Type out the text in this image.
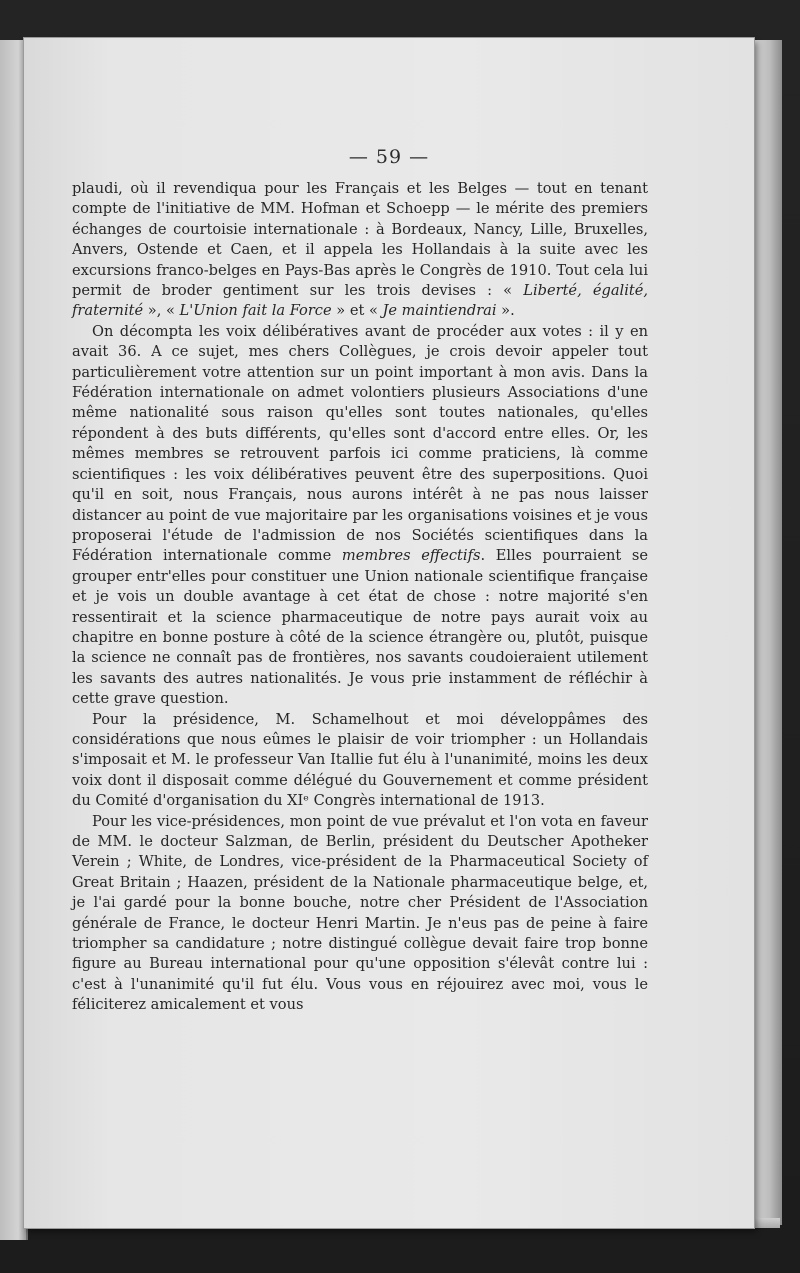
— 59 —

plaudi, où il revendiqua pour les Français et les Belges — tout en tenant compte de l'initiative de MM. Hofman et Schoepp — le mérite des premiers échanges de courtoisie internationale : à Bordeaux, Nancy, Lille, Bruxelles, Anvers, Ostende et Caen, et il appela les Hollandais à la suite avec les excursions franco-belges en Pays-Bas après le Congrès de 1910. Tout cela lui permit de broder gentiment sur les trois devises : « Liberté, égalité, fraternité », « L'Union fait la Force » et « Je maintiendrai ».

On décompta les voix délibératives avant de procéder aux votes : il y en avait 36. A ce sujet, mes chers Collègues, je crois devoir appeler tout particulièrement votre attention sur un point important à mon avis. Dans la Fédération internationale on admet volontiers plusieurs Associations d'une même nationalité sous raison qu'elles sont toutes nationales, qu'elles répondent à des buts différents, qu'elles sont d'accord entre elles. Or, les mêmes membres se retrouvent parfois ici comme praticiens, là comme scientifiques : les voix délibératives peuvent être des superpositions. Quoi qu'il en soit, nous Français, nous aurons intérêt à ne pas nous laisser distancer au point de vue majoritaire par les organisations voisines et je vous proposerai l'étude de l'admission de nos Sociétés scientifiques dans la Fédération internationale comme membres effectifs. Elles pourraient se grouper entr'elles pour constituer une Union nationale scientifique française et je vois un double avantage à cet état de chose : notre majorité s'en ressentirait et la science pharmaceutique de notre pays aurait voix au chapitre en bonne posture à côté de la science étrangère ou, plutôt, puisque la science ne connaît pas de frontières, nos savants coudoieraient utilement les savants des autres nationalités. Je vous prie instamment de réfléchir à cette grave question.

Pour la présidence, M. Schamelhout et moi développâmes des considérations que nous eûmes le plaisir de voir triompher : un Hollandais s'imposait et M. le professeur Van Itallie fut élu à l'unanimité, moins les deux voix dont il disposait comme délégué du Gouvernement et comme président du Comité d'organisation du XIᵉ Congrès international de 1913.

Pour les vice-présidences, mon point de vue prévalut et l'on vota en faveur de MM. le docteur Salzman, de Berlin, président du Deutscher Apotheker Verein ; White, de Londres, vice-président de la Pharmaceutical Society of Great Britain ; Haazen, président de la Nationale pharmaceutique belge, et, je l'ai gardé pour la bonne bouche, notre cher Président de l'Association générale de France, le docteur Henri Martin. Je n'eus pas de peine à faire triompher sa candidature ; notre distingué collègue devait faire trop bonne figure au Bureau international pour qu'une opposition s'élevât contre lui : c'est à l'unanimité qu'il fut élu. Vous vous en réjouirez avec moi, vous le féliciterez amicalement et vous
